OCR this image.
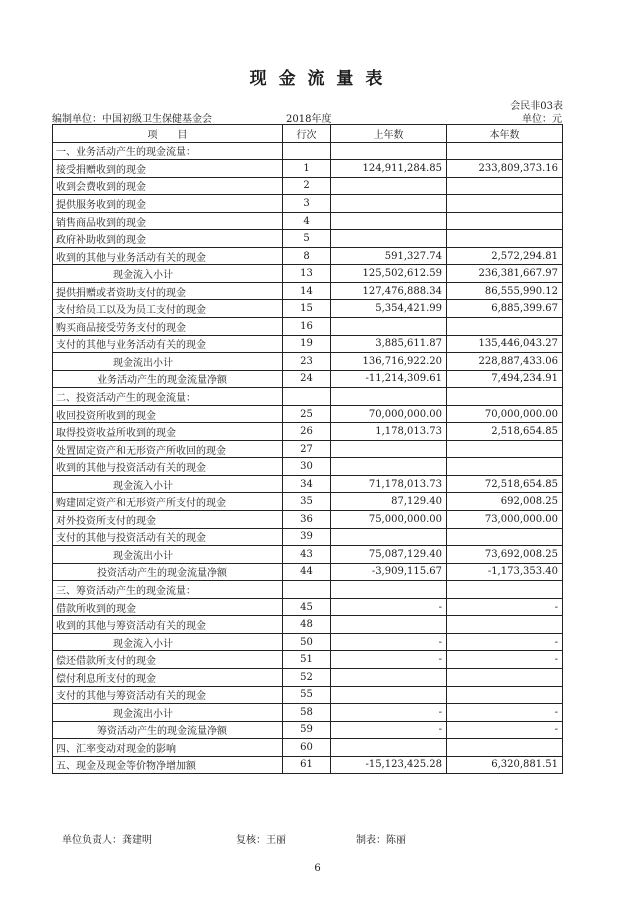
现 金 流 量 表
会民非03表
编制单位：中国初级卫生保健基金会	2018年度	单位：元
项　　目	行次	上年数	本年数
一、业务活动产生的现金流量：			
接受捐赠收到的现金	1	124,911,284.85	233,809,373.16
收到会费收到的现金	2		
提供服务收到的现金	3		
销售商品收到的现金	4		
政府补助收到的现金	5		
收到的其他与业务活动有关的现金	8	591,327.74	2,572,294.81
现金流入小计	13	125,502,612.59	236,381,667.97
提供捐赠或者资助支付的现金	14	127,476,888.34	86,555,990.12
支付给员工以及为员工支付的现金	15	5,354,421.99	6,885,399.67
购买商品接受劳务支付的现金	16		
支付的其他与业务活动有关的现金	19	3,885,611.87	135,446,043.27
现金流出小计	23	136,716,922.20	228,887,433.06
业务活动产生的现金流量净额	24	-11,214,309.61	7,494,234.91
二、投资活动产生的现金流量：			
收回投资所收到的现金	25	70,000,000.00	70,000,000.00
取得投资收益所收到的现金	26	1,178,013.73	2,518,654.85
处置固定资产和无形资产所收回的现金	27		
收到的其他与投资活动有关的现金	30		
现金流入小计	34	71,178,013.73	72,518,654.85
购建固定资产和无形资产所支付的现金	35	87,129.40	692,008.25
对外投资所支付的现金	36	75,000,000.00	73,000,000.00
支付的其他与投资活动有关的现金	39		
现金流出小计	43	75,087,129.40	73,692,008.25
投资活动产生的现金流量净额	44	-3,909,115.67	-1,173,353.40
三、筹资活动产生的现金流量：			
借款所收到的现金	45	-	-
收到的其他与筹资活动有关的现金	48		
现金流入小计	50	-	-
偿还借款所支付的现金	51	-	-
偿付利息所支付的现金	52		
支付的其他与筹资活动有关的现金	55		
现金流出小计	58	-	-
筹资活动产生的现金流量净额	59	-	-
四、汇率变动对现金的影响	60		
五、现金及现金等价物净增加额	61	-15,123,425.28	6,320,881.51
单位负责人：龚建明	复核：王丽	制表：陈丽
6
